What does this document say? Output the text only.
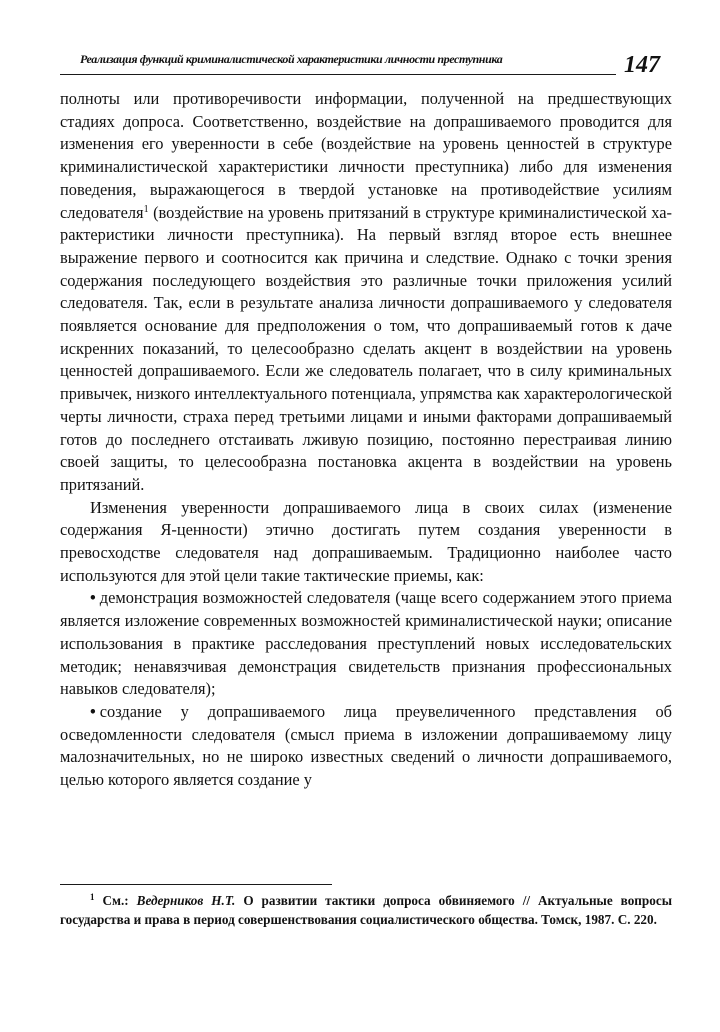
Реализация функций криминалистической характеристики личности преступника	147

полноты или противоречивости информации, полученной на предшествующих стадиях допроса. Соответственно, воздействие на допрашиваемого проводится для изменения его уверенности в себе (воздействие на уровень ценностей в структуре криминалистической характеристики личности преступника) либо для изменения поведения, выражающегося в твердой установке на противодействие усилиям следователя$^1$ (воздействие на уровень притязаний в структуре криминалистической характеристики личности преступника). На первый взгляд второе есть внешнее выражение первого и соотносится как причина и следствие. Однако с точки зрения содержания последующего воздействия это различные точки приложения усилий следователя. Так, если в результате анализа личности допрашиваемого у следователя появляется основание для предположения о том, что допрашиваемый готов к даче искренних показаний, то целесообразно сделать акцент в воздействии на уровень ценностей допрашиваемого. Если же следователь полагает, что в силу криминальных привычек, низкого интеллектуального потенциала, упрямства как характерологической черты личности, страха перед третьими лицами и иными факторами допрашиваемый готов до последнего отстаивать лживую позицию, постоянно перестраивая линию своей защиты, то целесообразна постановка акцента в воздействии на уровень притязаний.

Изменения уверенности допрашиваемого лица в своих силах (изменение содержания Я-ценности) этично достигать путем создания уверенности в превосходстве следователя над допрашиваемым. Традиционно наиболее часто используются для этой цели такие тактические приемы, как:

• демонстрация возможностей следователя (чаще всего содержанием этого приема является изложение современных возможностей криминалистической науки; описание использования в практике расследования преступлений новых исследовательских методик; ненавязчивая демонстрация свидетельств признания профессиональных навыков следователя);

• создание у допрашиваемого лица преувеличенного представления об осведомленности следователя (смысл приема в изложении допрашиваемому лицу малозначительных, но не широко известных сведений о личности допрашиваемого, целью которого является создание у

$^1$ См.: Ведерников Н.Т. О развитии тактики допроса обвиняемого // Актуальные вопросы государства и права в период совершенствования социалистического общества. Томск, 1987. С. 220.
